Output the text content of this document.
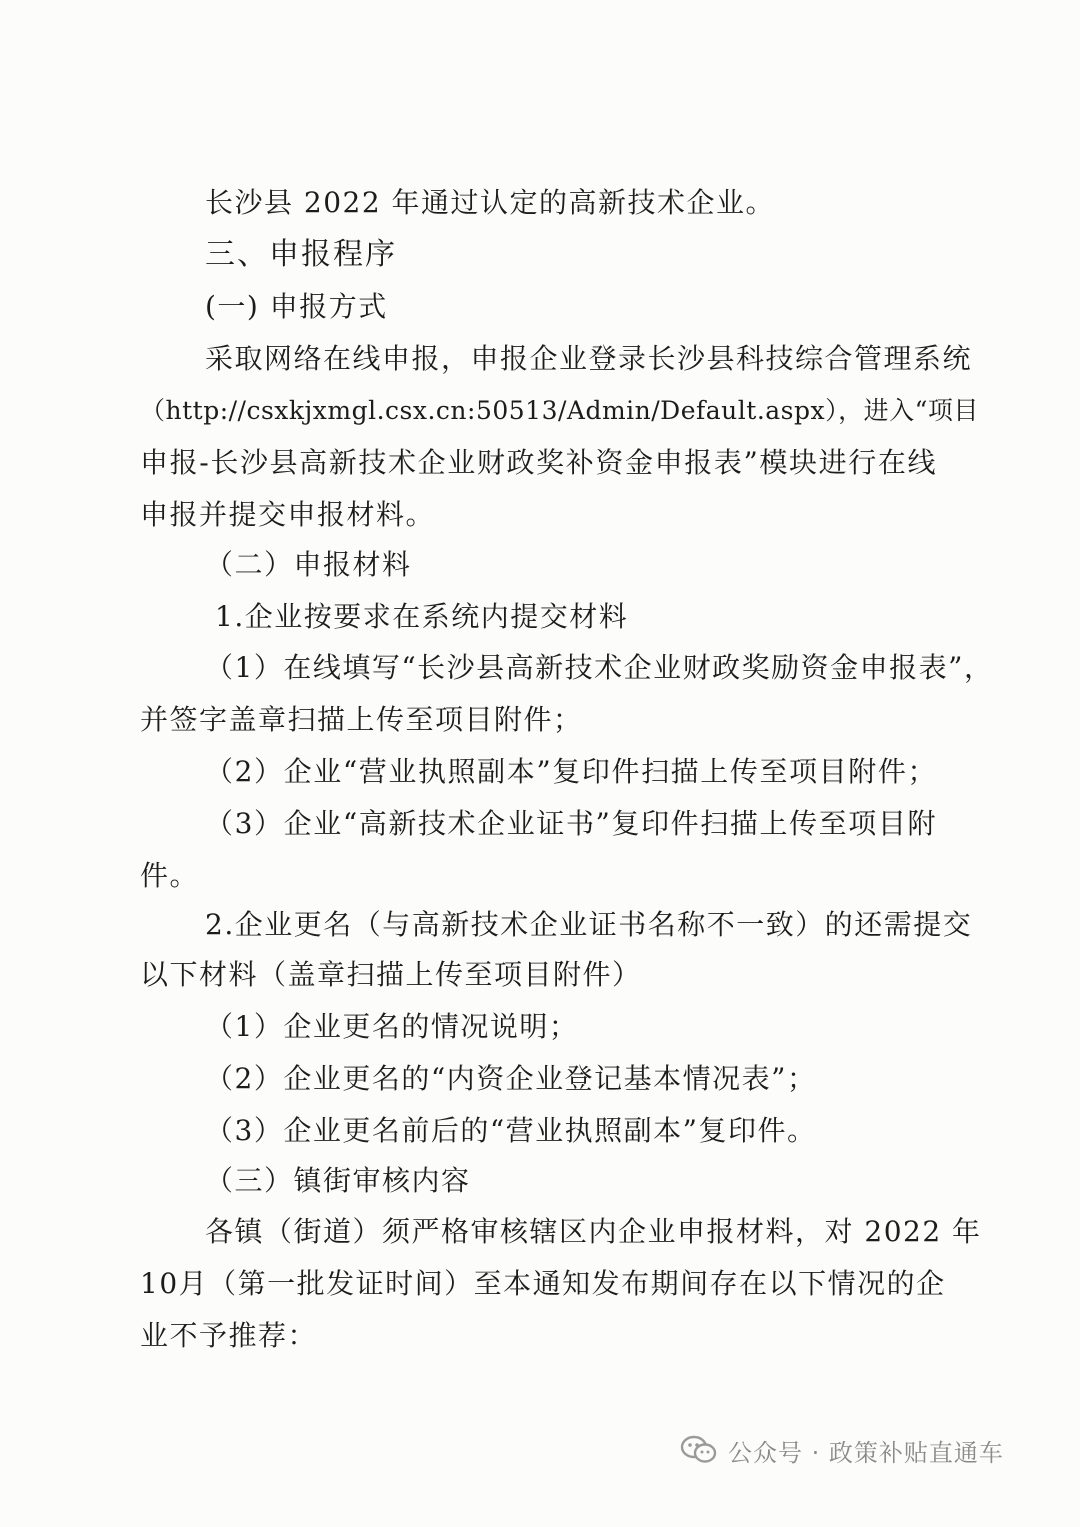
长沙县 2022 年通过认定的高新技术企业。
三、申报程序
(一) 申报方式
采取网络在线申报，申报企业登录长沙县科技综合管理系统
（http://csxkjxmgl.csx.cn:50513/Admin/Default.aspx），进入“项目
申报-长沙县高新技术企业财政奖补资金申报表”模块进行在线
申报并提交申报材料。
（二）申报材料
1.企业按要求在系统内提交材料
（1）在线填写“长沙县高新技术企业财政奖励资金申报表”，
并签字盖章扫描上传至项目附件；
（2）企业“营业执照副本”复印件扫描上传至项目附件；
（3）企业“高新技术企业证书”复印件扫描上传至项目附
件。
2.企业更名（与高新技术企业证书名称不一致）的还需提交
以下材料（盖章扫描上传至项目附件）
（1）企业更名的情况说明；
（2）企业更名的“内资企业登记基本情况表”；
（3）企业更名前后的“营业执照副本”复印件。
（三）镇街审核内容
各镇（街道）须严格审核辖区内企业申报材料，对 2022 年
10月（第一批发证时间）至本通知发布期间存在以下情况的企
业不予推荐：
公众号 · 政策补贴直通车
